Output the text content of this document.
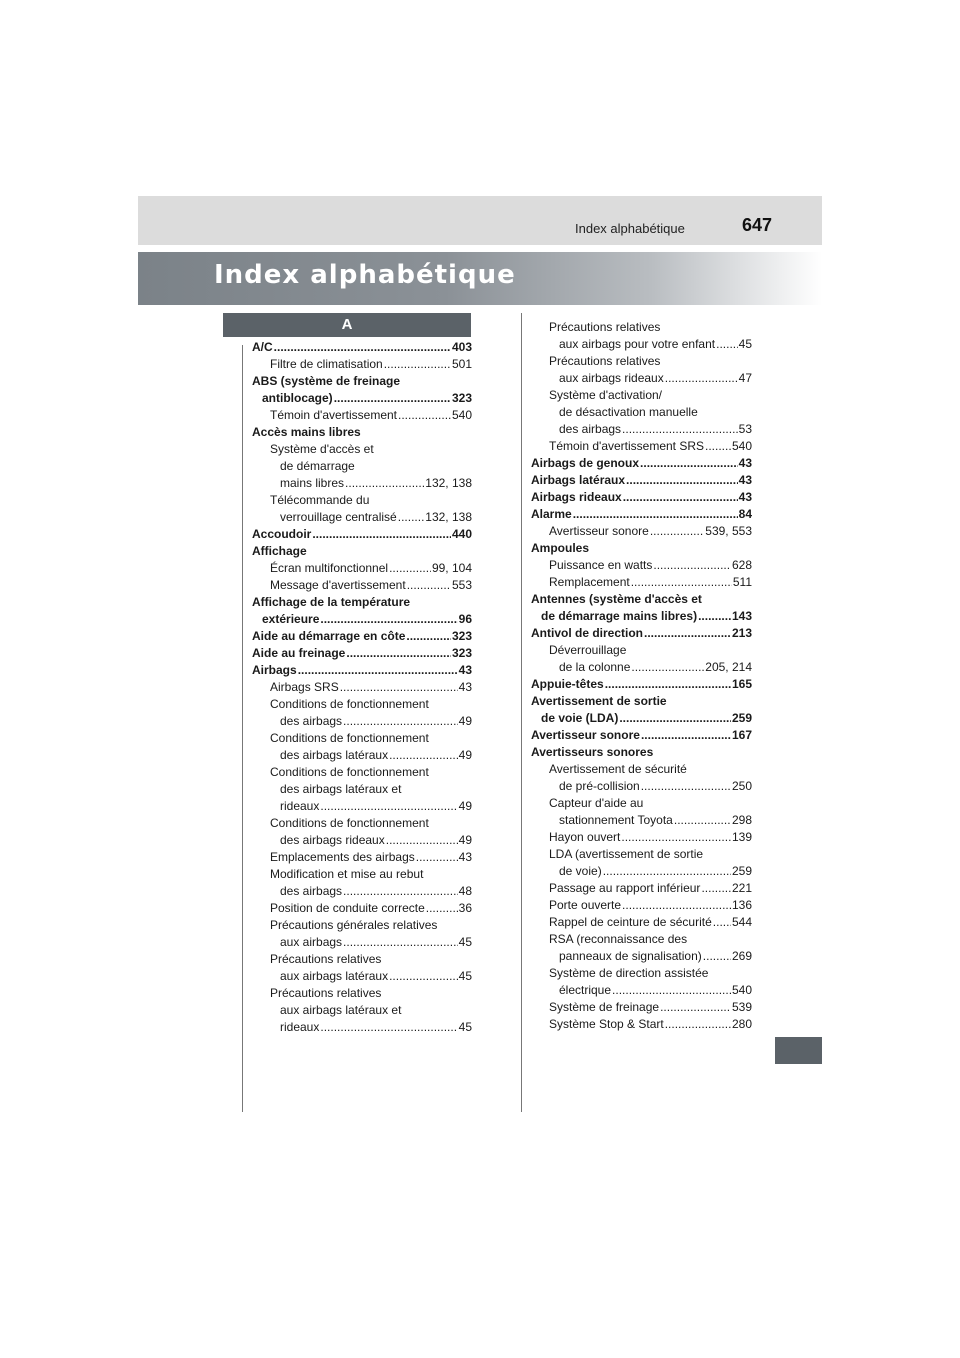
Index alphabétique	647
Index alphabétique
A
A/C .....	403
Filtre de climatisation .....	501
ABS (système de freinage
antiblocage) .....	323
Témoin d'avertissement .....	540
Accès mains libres
Système d'accès et
de démarrage
mains libres .....	132, 138
Télécommande du
verrouillage centralisé ..... 132, 138
Accoudoir .....	440
Affichage
Écran multifonctionnel .....	99, 104
Message d'avertissement .....	553
Affichage de la température
extérieure .....	96
Aide au démarrage en côte .....	323
Aide au freinage .....	323
Airbags .....	43
Airbags SRS .....	43
Conditions de fonctionnement
des airbags .....	49
Conditions de fonctionnement
des airbags latéraux .....	49
Conditions de fonctionnement
des airbags latéraux et
rideaux .....	49
Conditions de fonctionnement
des airbags rideaux .....	49
Emplacements des airbags .....	43
Modification et mise au rebut
des airbags .....	48
Position de conduite correcte .....	36
Précautions générales relatives
aux airbags .....	45
Précautions relatives
aux airbags latéraux .....	45
Précautions relatives
aux airbags latéraux et
rideaux .....	45
Précautions relatives
aux airbags pour votre enfant ..... 45
Précautions relatives
aux airbags rideaux .....	47
Système d'activation/
de désactivation manuelle
des airbags .....	53
Témoin d'avertissement SRS ..... 540
Airbags de genoux .....	43
Airbags latéraux .....	43
Airbags rideaux .....	43
Alarme .....	84
Avertisseur sonore .....	539, 553
Ampoules
Puissance en watts .....	628
Remplacement .....	511
Antennes (système d'accès et
de démarrage mains libres) .....	143
Antivol de direction .....	213
Déverrouillage
de la colonne .....	205, 214
Appuie-têtes .....	165
Avertissement de sortie
de voie (LDA) .....	259
Avertisseur sonore .....	167
Avertisseurs sonores
Avertissement de sécurité
de pré-collision .....	250
Capteur d'aide au
stationnement Toyota .....	298
Hayon ouvert .....	139
LDA (avertissement de sortie
de voie) .....	259
Passage au rapport inférieur .....	221
Porte ouverte .....	136
Rappel de ceinture de sécurité ..... 544
RSA (reconnaissance des
panneaux de signalisation) .....	269
Système de direction assistée
électrique .....	540
Système de freinage .....	539
Système Stop & Start .....	280
